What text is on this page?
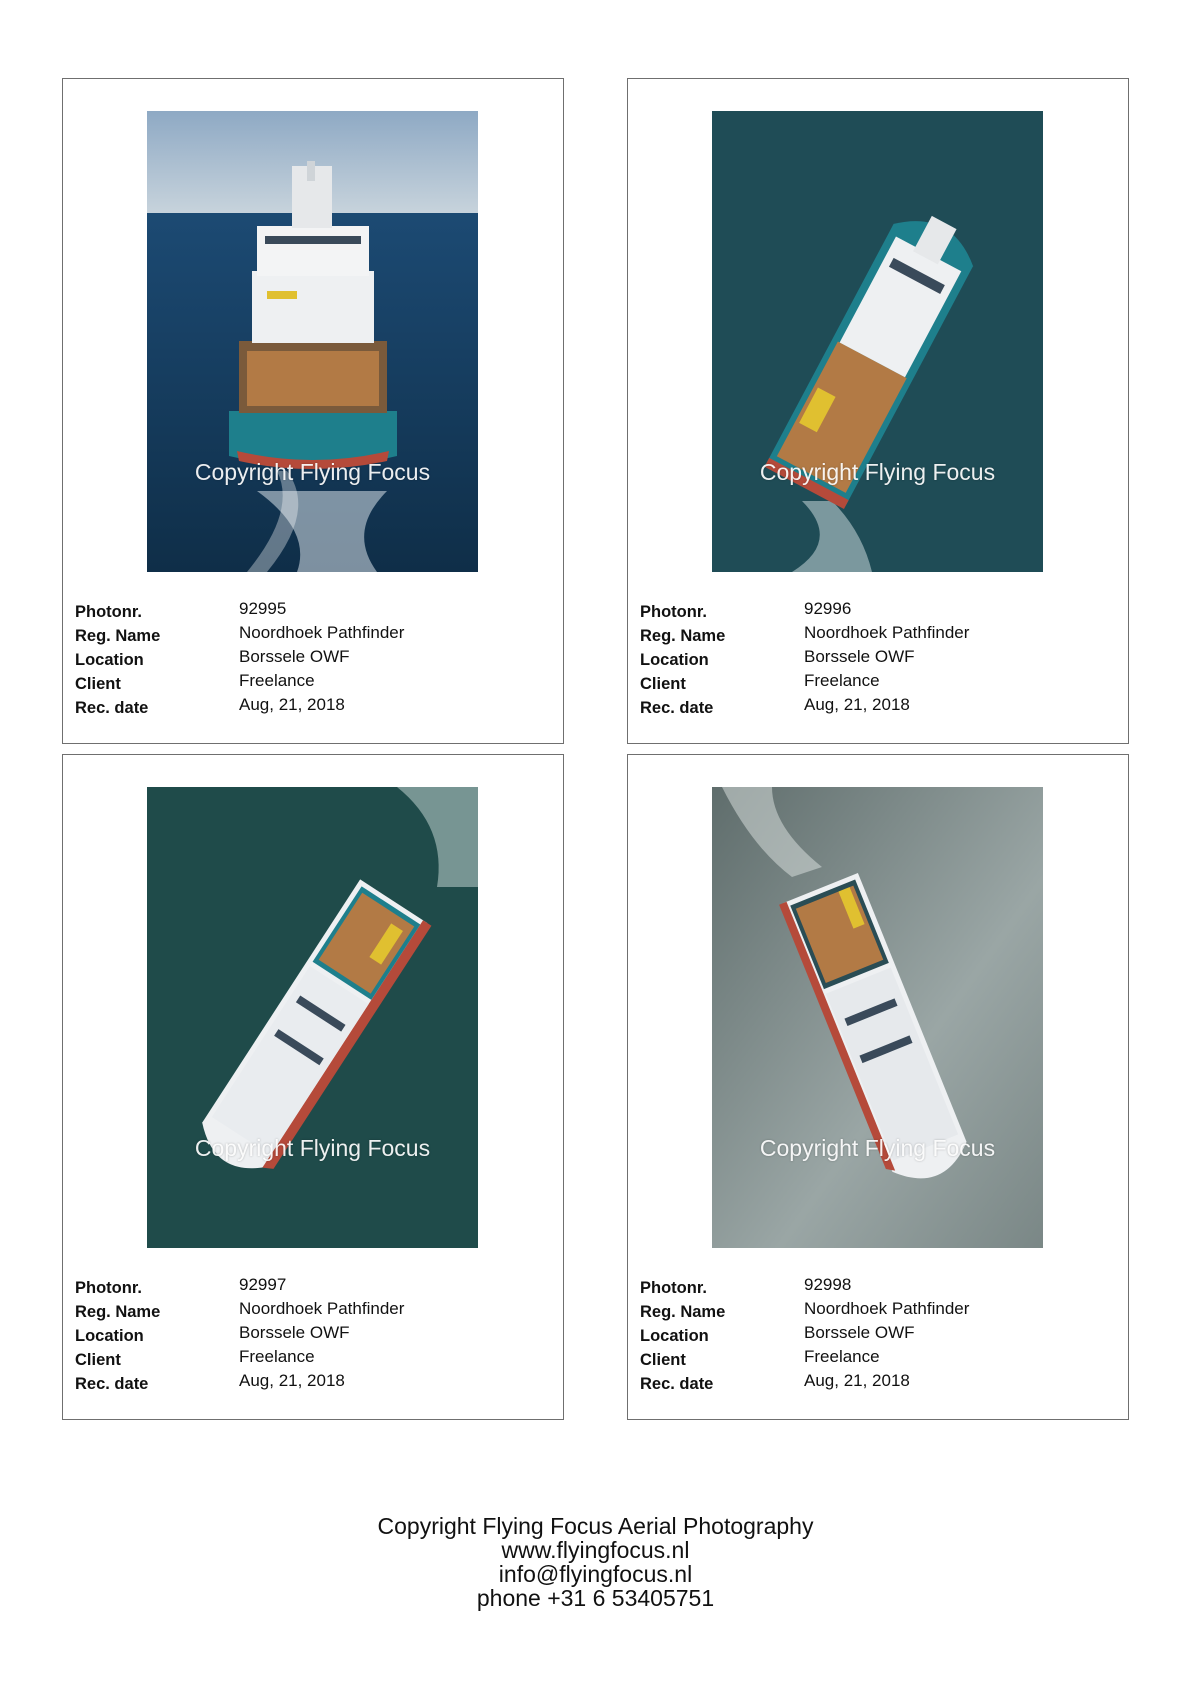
Copyright Flying Focus
Photonr.	92995
Reg. Name	Noordhoek Pathfinder
Location	Borssele OWF
Client	Freelance
Rec. date	Aug, 21, 2018
Copyright Flying Focus
Photonr.	92996
Reg. Name	Noordhoek Pathfinder
Location	Borssele OWF
Client	Freelance
Rec. date	Aug, 21, 2018
Copyright Flying Focus
Photonr.	92997
Reg. Name	Noordhoek Pathfinder
Location	Borssele OWF
Client	Freelance
Rec. date	Aug, 21, 2018
Copyright Flying Focus
Photonr.	92998
Reg. Name	Noordhoek Pathfinder
Location	Borssele OWF
Client	Freelance
Rec. date	Aug, 21, 2018
Copyright Flying Focus Aerial Photography
www.flyingfocus.nl
info@flyingfocus.nl
phone +31 6 53405751
